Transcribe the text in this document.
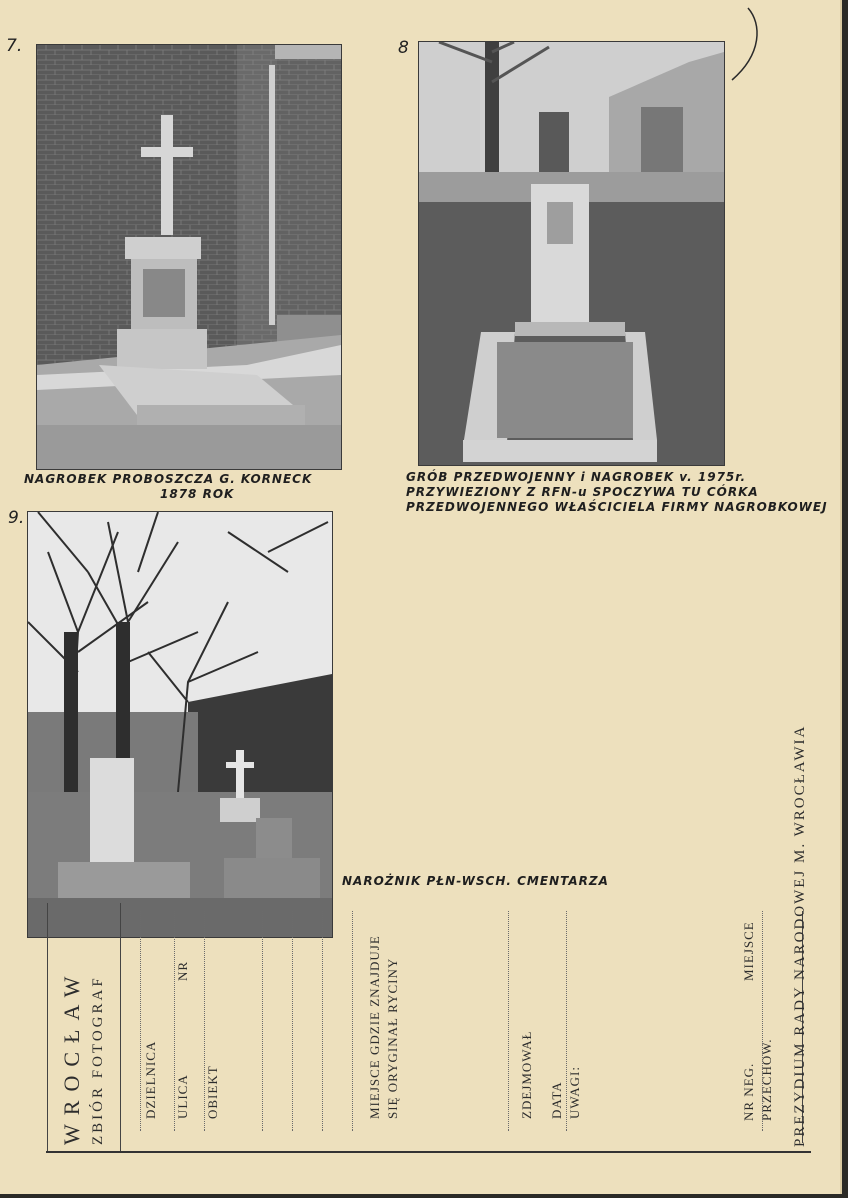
7.
NAGROBEK PROBOSZCZA G. KORNECK
1878 ROK
8
GRÓB PRZEDWOJENNY i NAGROBEK v. 1975r.
PRZYWIEZIONY Z RFN-u SPOCZYWA TU CÓRKA
PRZEDWOJENNEGO WŁAŚCICIELA FIRMY NAGROBKOWEJ
9.
NAROŻNIK PŁN-WSCH. CMENTARZA	PREZYDIUM RADY NARODOWEJ M. WROCŁAWIA
PRZECHOW.
NR NEG.
MIEJSCE
UWAGI:
DATA
ZDEJMOWAŁ
SIĘ ORYGINAŁ RYCINY
MIEJSCE GDZIE ZNAJDUJE
OBIEKT
ULICA
NR
DZIELNICA
ZBIÓR FOTOGRAF
WROCŁAW
